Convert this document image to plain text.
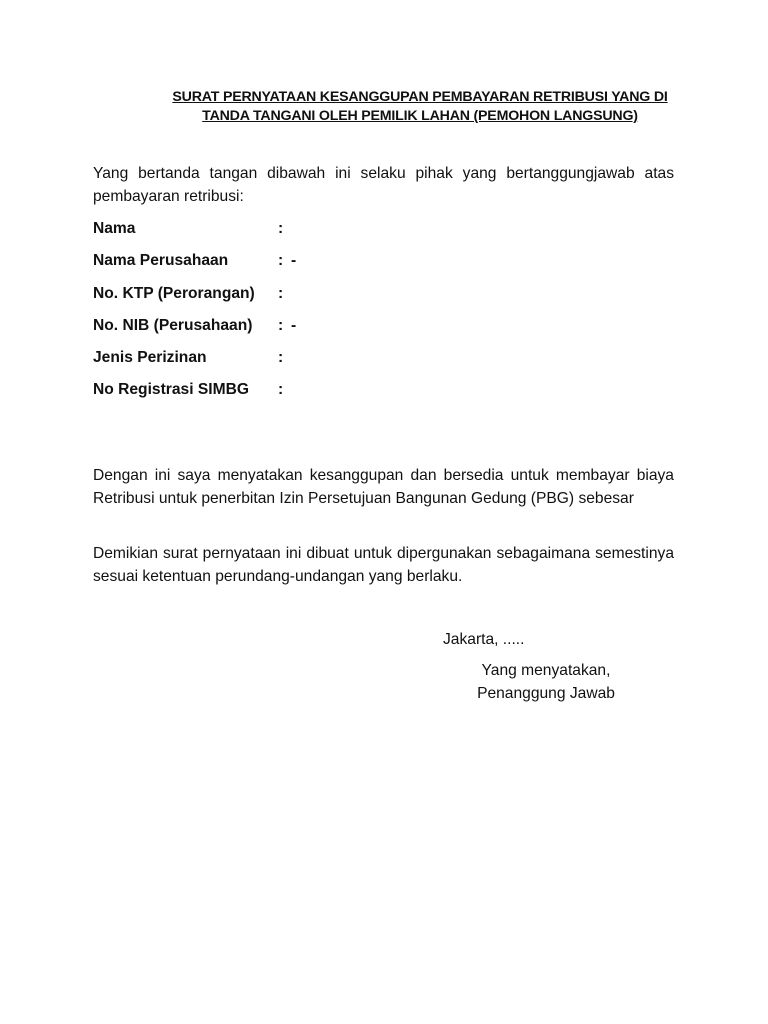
SURAT PERNYATAAN KESANGGUPAN PEMBAYARAN RETRIBUSI YANG DI
TANDA TANGANI OLEH PEMILIK LAHAN (PEMOHON LANGSUNG)
Yang bertanda tangan dibawah ini selaku pihak yang bertanggungjawab atas pembayaran retribusi:
Nama	:
Nama Perusahaan	: -
No. KTP (Perorangan) :
No. NIB (Perusahaan) : -
Jenis Perizinan	:
No Registrasi SIMBG :
Dengan ini saya menyatakan kesanggupan dan bersedia untuk membayar biaya Retribusi untuk penerbitan Izin Persetujuan Bangunan Gedung (PBG) sebesar
Demikian surat pernyataan ini dibuat untuk dipergunakan sebagaimana semestinya sesuai ketentuan perundang-undangan yang berlaku.
Jakarta, .....
Yang menyatakan,
Penanggung Jawab
